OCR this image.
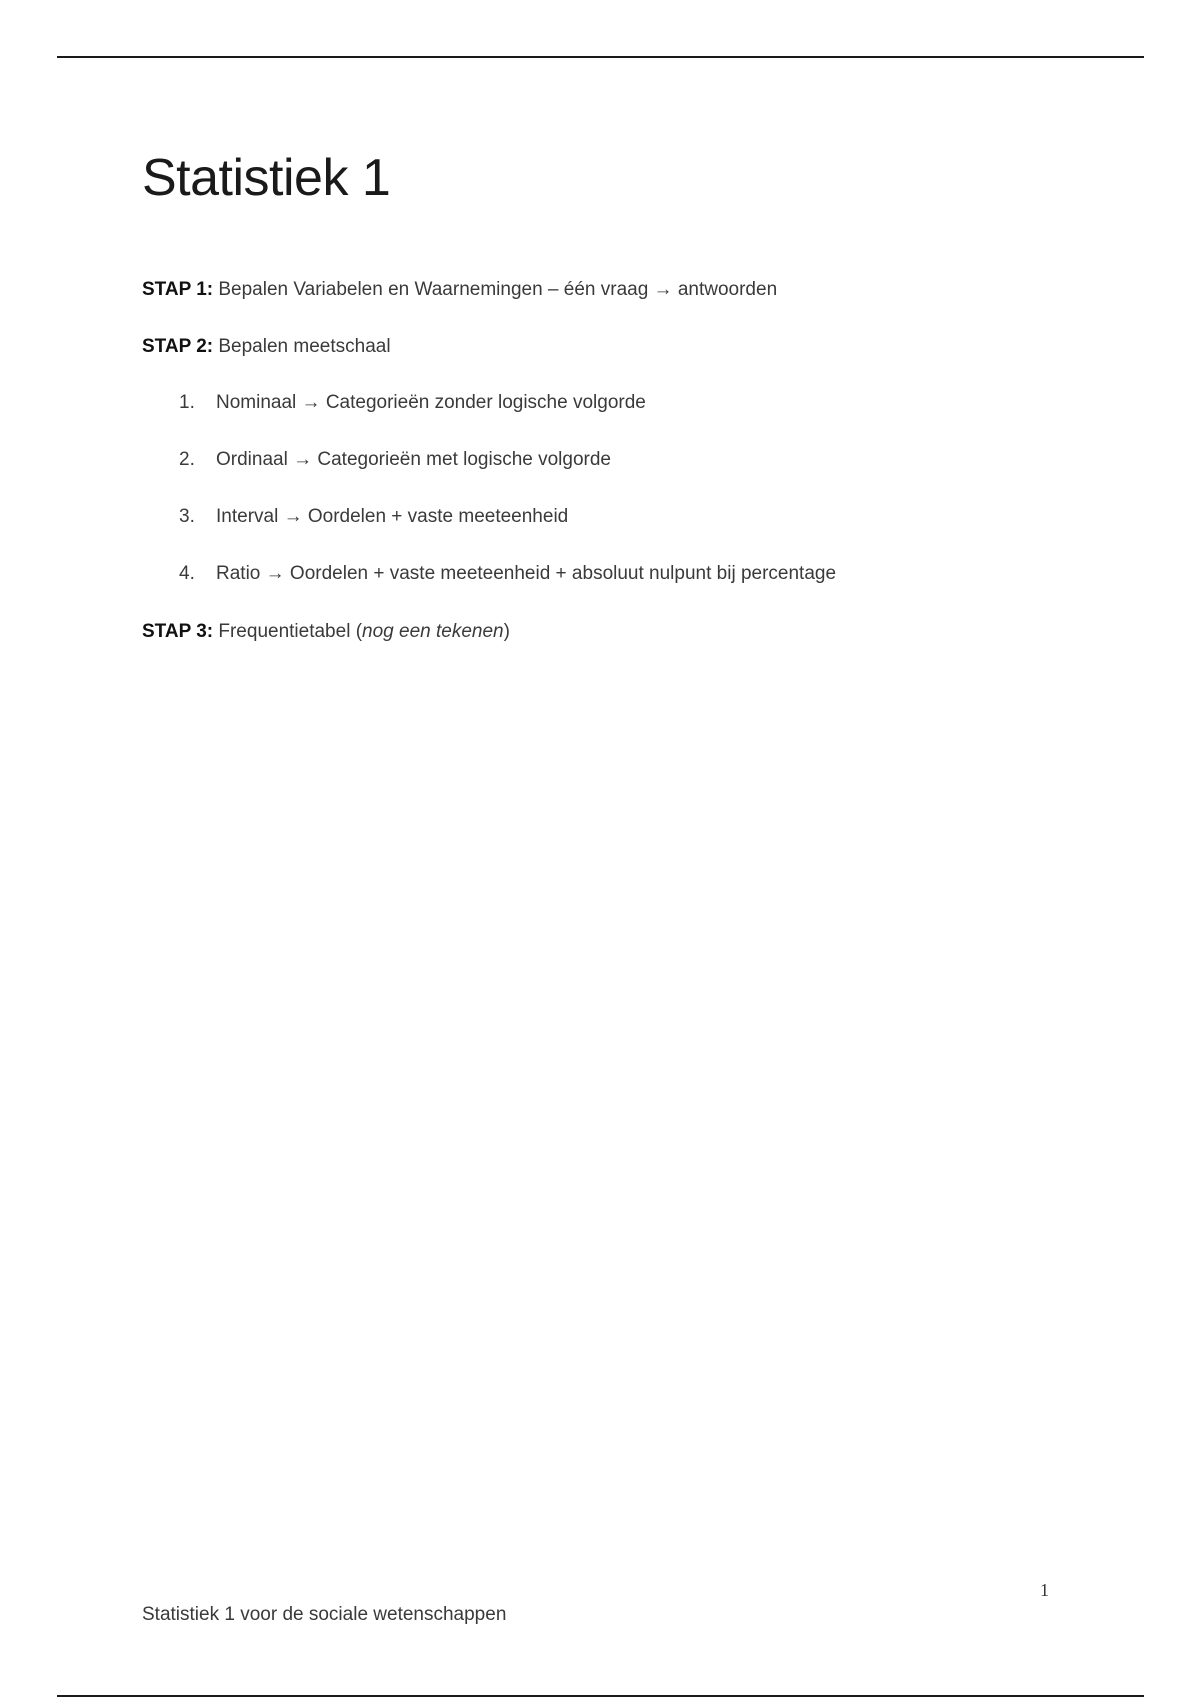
Statistiek 1
STAP 1: Bepalen Variabelen en Waarnemingen – één vraag → antwoorden
STAP 2: Bepalen meetschaal
1. Nominaal → Categorieën zonder logische volgorde
2. Ordinaal → Categorieën met logische volgorde
3. Interval → Oordelen + vaste meeteenheid
4. Ratio → Oordelen + vaste meeteenheid + absoluut nulpunt bij percentage
STAP 3: Frequentietabel (nog een tekenen)
1
Statistiek 1 voor de sociale wetenschappen
